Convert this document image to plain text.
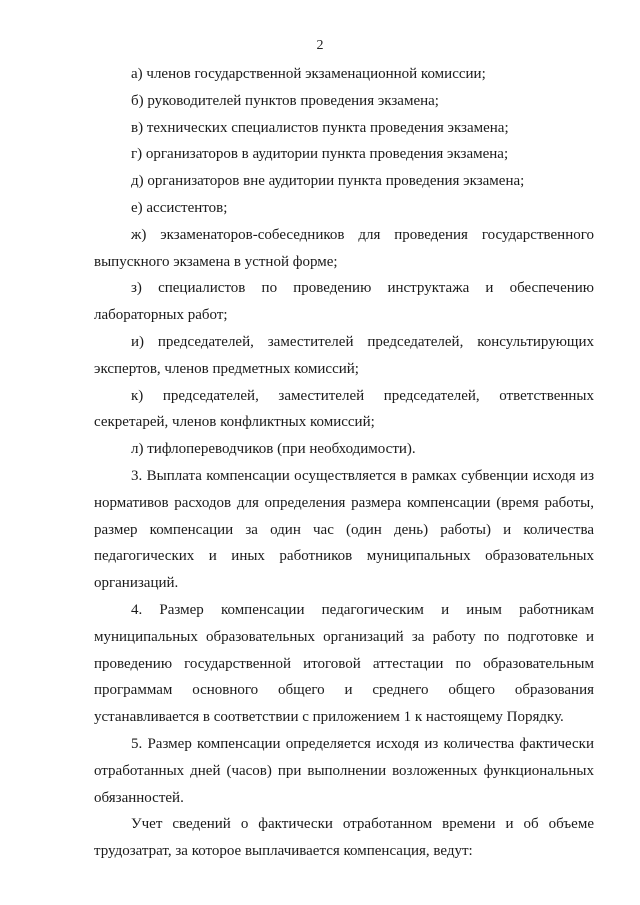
2

а) членов государственной экзаменационной комиссии;

б) руководителей пунктов проведения экзамена;

в) технических специалистов пункта проведения экзамена;

г) организаторов в аудитории пункта проведения экзамена;

д) организаторов вне аудитории пункта проведения экзамена;

е) ассистентов;

ж) экзаменаторов-собеседников для проведения государственного выпускного экзамена в устной форме;

з) специалистов по проведению инструктажа и обеспечению лабораторных работ;

и) председателей, заместителей председателей, консультирующих экспертов, членов предметных комиссий;

к) председателей, заместителей председателей, ответственных секретарей, членов конфликтных комиссий;

л) тифлопереводчиков (при необходимости).

3. Выплата компенсации осуществляется в рамках субвенции исходя из нормативов расходов для определения размера компенсации (время работы, размер компенсации за один час (один день) работы) и количества педагогических и иных работников муниципальных образовательных организаций.

4. Размер компенсации педагогическим и иным работникам муниципальных образовательных организаций за работу по подготовке и проведению государственной итоговой аттестации по образовательным программам основного общего и среднего общего образования устанавливается в соответствии с приложением 1 к настоящему Порядку.

5. Размер компенсации определяется исходя из количества фактически отработанных дней (часов) при выполнении возложенных функциональных обязанностей.

Учет сведений о фактически отработанном времени и об объеме трудозатрат, за которое выплачивается компенсация, ведут:
